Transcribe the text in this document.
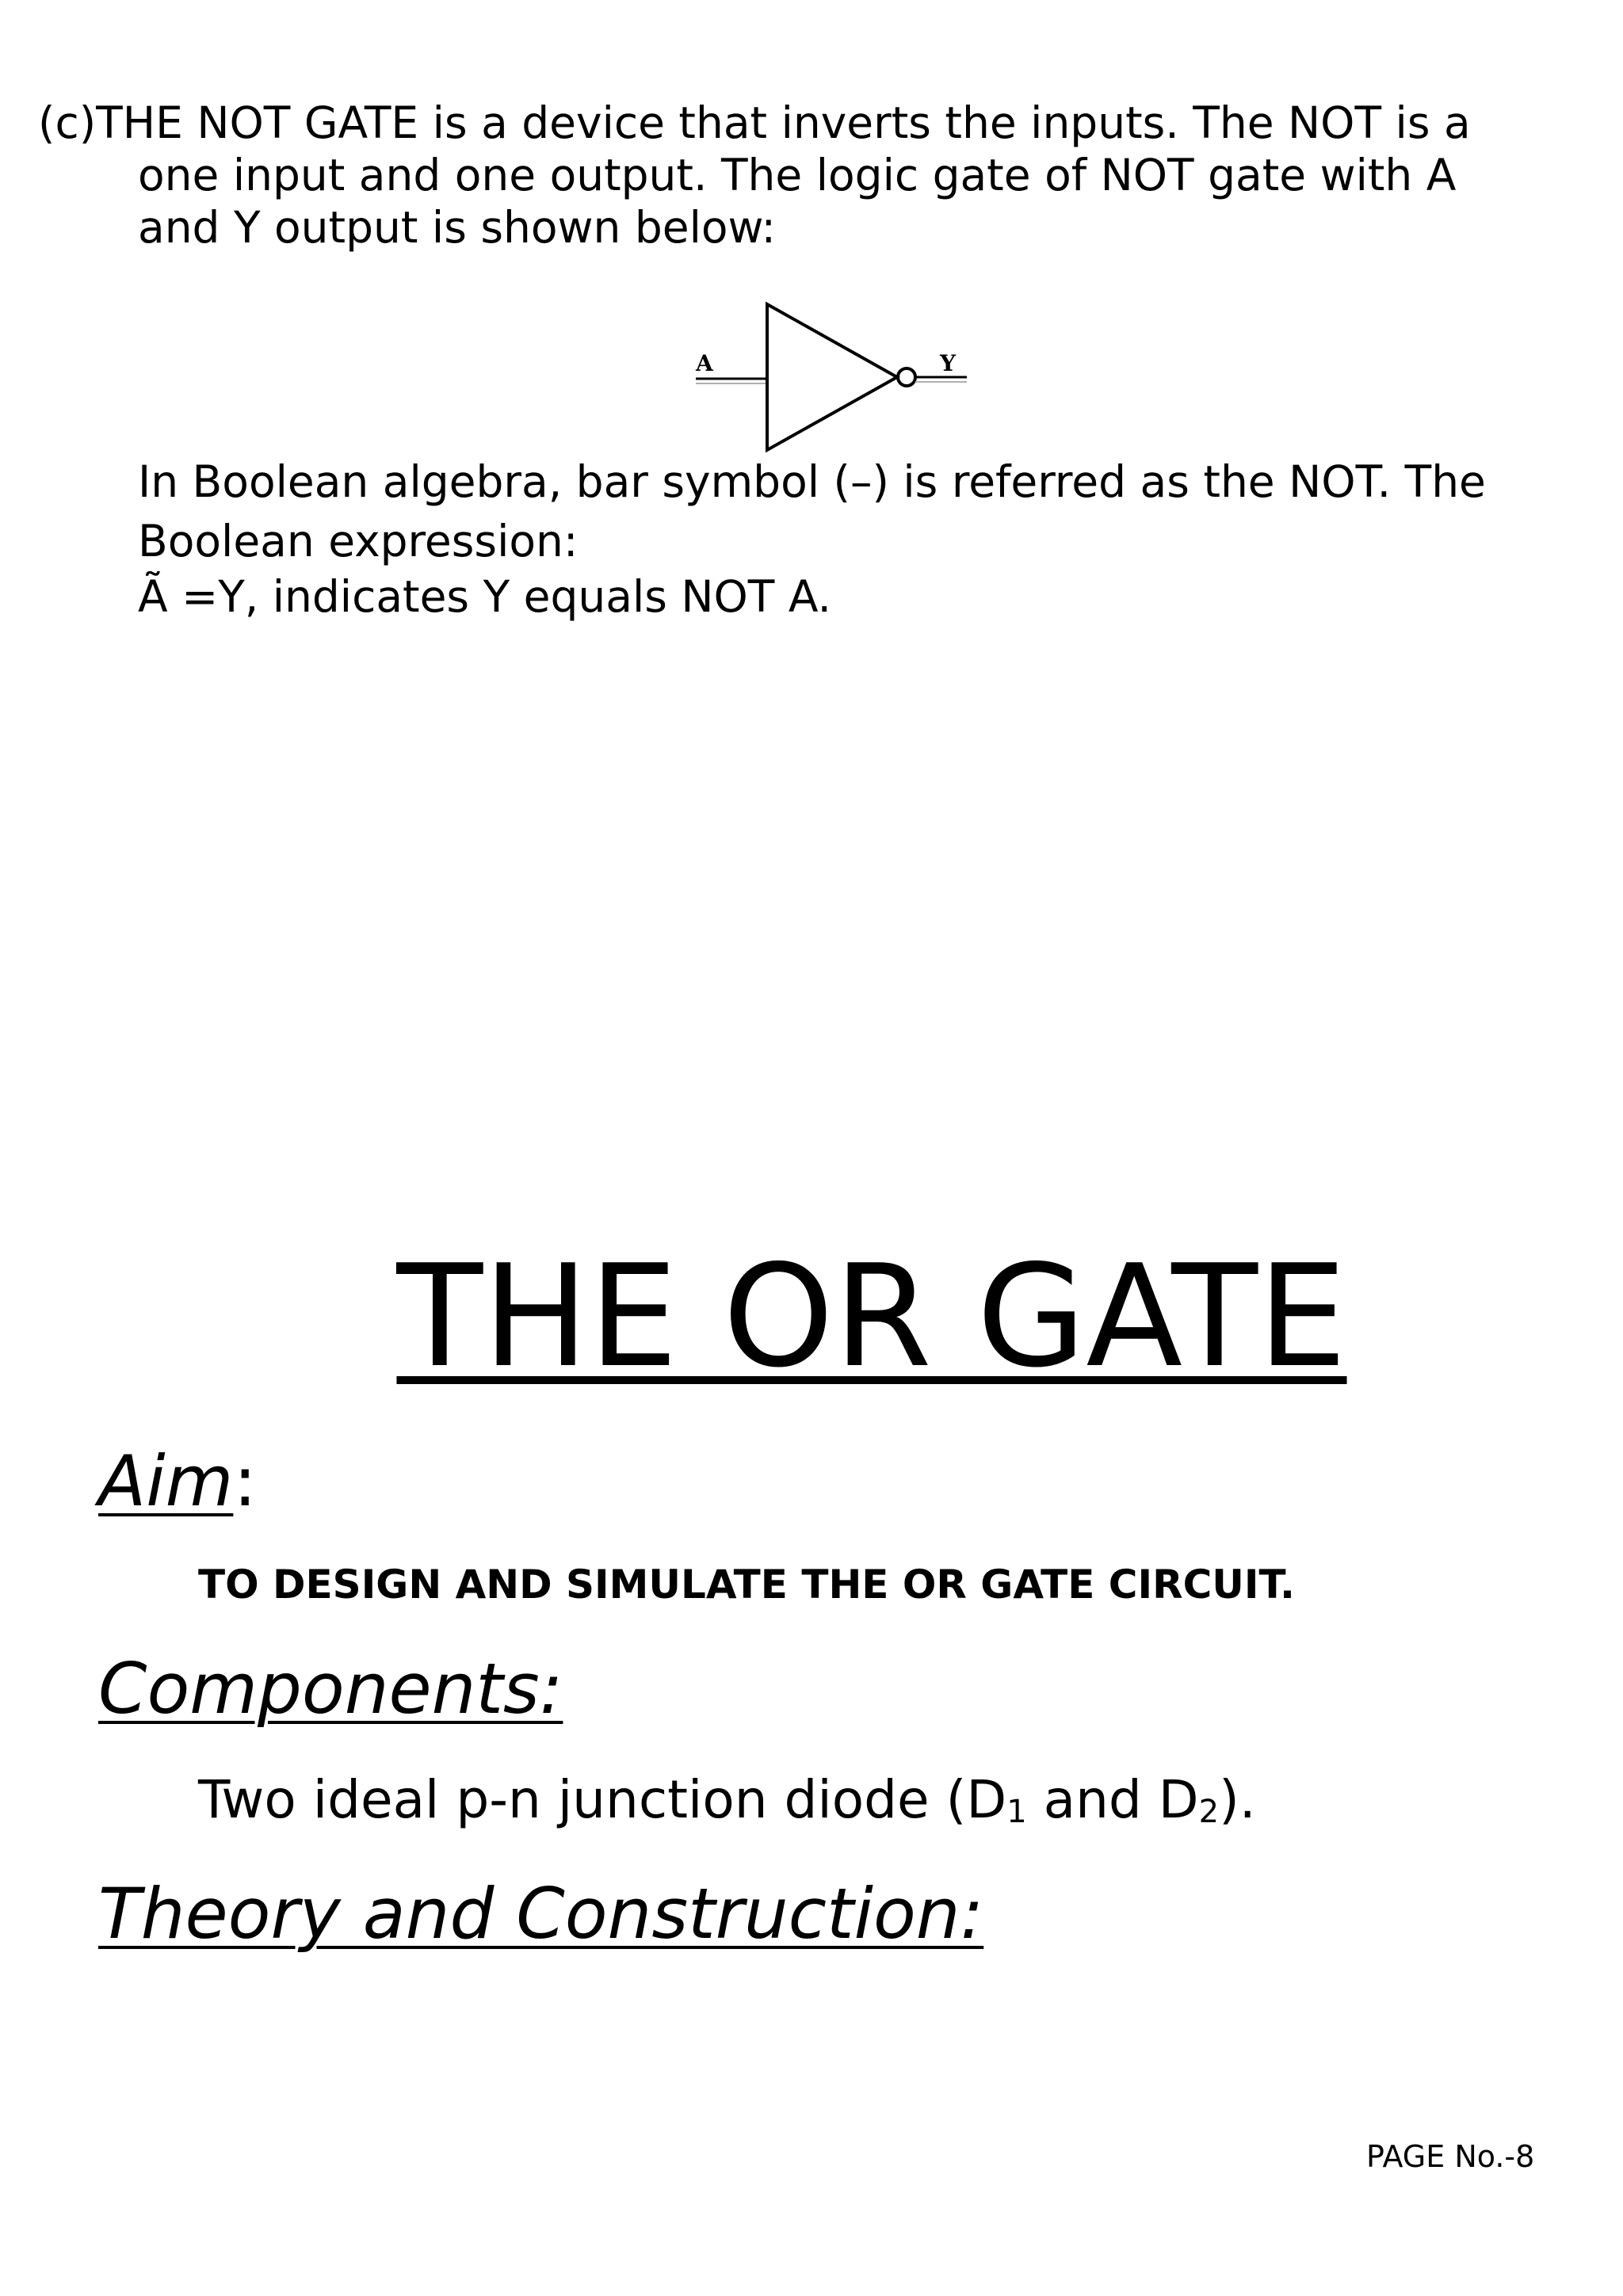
(c)THE NOT GATE is a device that inverts the inputs. The NOT is a
one input and one output. The logic gate of NOT gate with A
and Y output is shown below:
A	Y
In Boolean algebra, bar symbol (–) is referred as the NOT. The
Boolean expression:
Ã =Y, indicates Y equals NOT A.
THE OR GATE
Aim:
TO DESIGN AND SIMULATE THE OR GATE CIRCUIT.
Components:
Two ideal p-n junction diode ($D_1$ and $D_2$).
Theory and Construction:
PAGE No.-8
